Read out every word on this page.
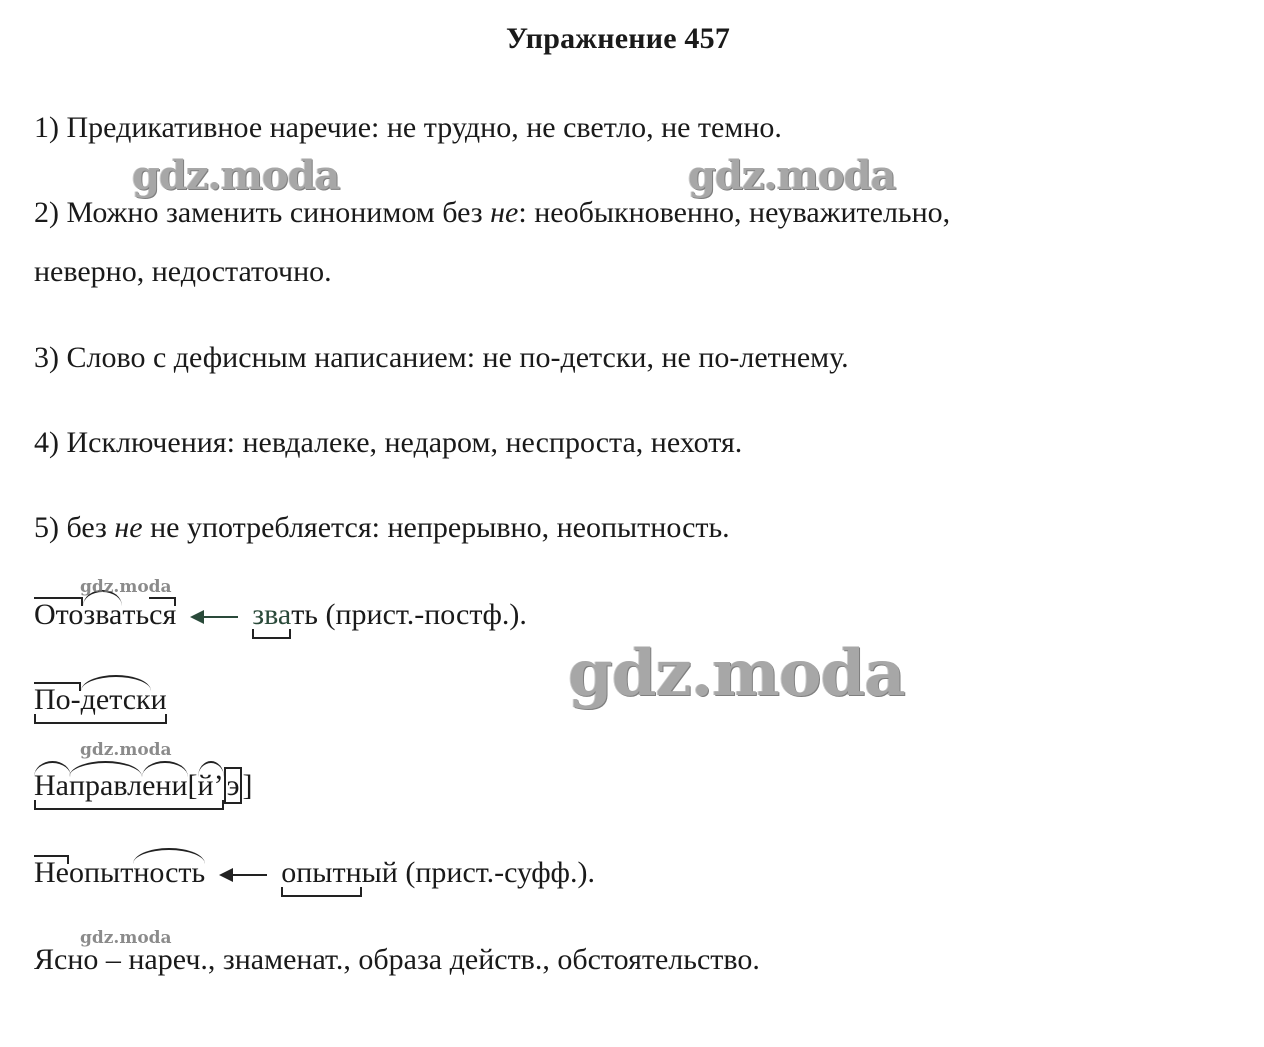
Упражнение 457
1) Предикативное наречие: не трудно, не светло, не темно.
2) Можно заменить синонимом без не: необыкновенно, неуважительно,
неверно, недостаточно.
3) Слово с дефисным написанием: не по-детски, не по-летнему.
4) Исключения: невдалеке, недаром, неспроста, нехотя.
5) без не не употребляется: непрерывно, неопытность.
Ото
зваться	звать (прист.-постф.).
По-
детски
На
правл
ени[
й’ э ]
Неопыт
ность	опытный (прист.-суфф.).
Ясно – нареч., знаменат., образа действ., обстоятельство.
gdz.moda	gdz.moda
gdz.moda
gdz.moda
gdz.moda
gdz.moda
